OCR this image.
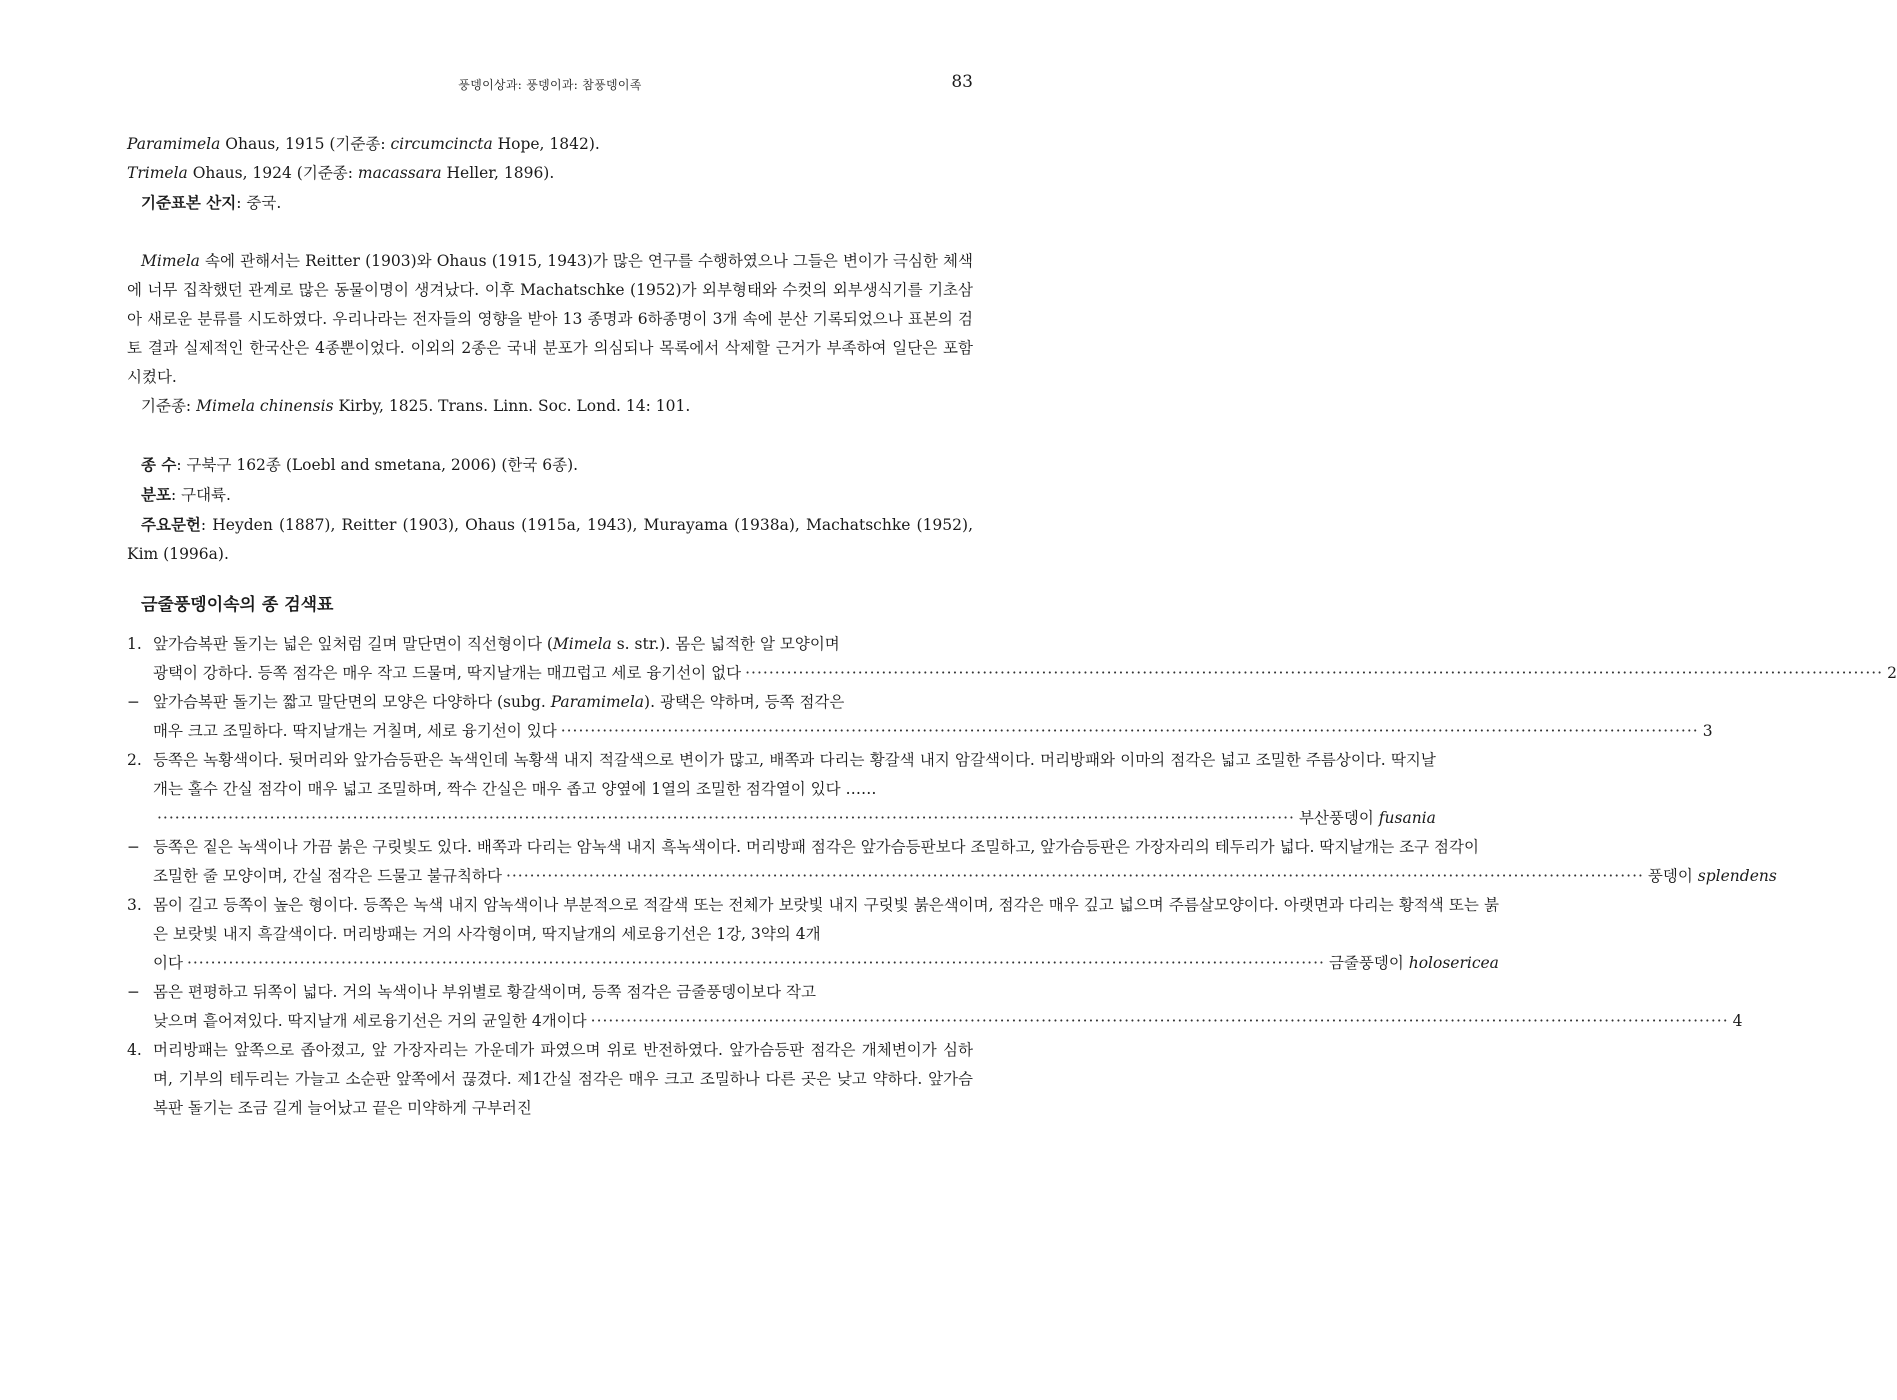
풍뎅이상과: 풍뎅이과: 참풍뎅이족	83

Paramimela Ohaus, 1915 (기준종: circumcincta Hope, 1842).

Trimela Ohaus, 1924 (기준종: macassara Heller, 1896).

기준표본 산지: 중국.

Mimela 속에 관해서는 Reitter (1903)와 Ohaus (1915, 1943)가 많은 연구를 수행하였으나 그들은 변이가 극심한 체색에 너무 집착했던 관계로 많은 동물이명이 생겨났다. 이후 Machatschke (1952)가 외부형태와 수컷의 외부생식기를 기초삼아 새로운 분류를 시도하였다. 우리나라는 전자들의 영향을 받아 13 종명과 6하종명이 3개 속에 분산 기록되었으나 표본의 검토 결과 실제적인 한국산은 4종뿐이었다. 이외의 2종은 국내 분포가 의심되나 목록에서 삭제할 근거가 부족하여 일단은 포함시켰다.

기준종: Mimela chinensis Kirby, 1825. Trans. Linn. Soc. Lond. 14: 101.

종 수: 구북구 162종 (Loebl and smetana, 2006) (한국 6종).

분포: 구대륙.

주요문헌: Heyden (1887), Reitter (1903), Ohaus (1915a, 1943), Murayama (1938a), Machatschke (1952), Kim (1996a).

금줄풍뎅이속의 종 검색표

1. 앞가슴복판 돌기는 넓은 잎처럼 길며 말단면이 직선형이다 (Mimela s. str.). 몸은 넓적한 알 모양이며
광택이 강하다. 등쪽 점각은 매우 작고 드물며, 딱지날개는 매끄럽고 세로 융기선이 없다 ·····	2
− 앞가슴복판 돌기는 짧고 말단면의 모양은 다양하다 (subg. Paramimela). 광택은 약하며, 등쪽 점각은
매우 크고 조밀하다. 딱지날개는 거칠며, 세로 융기선이 있다 ·····	3
2. 등쪽은 녹황색이다. 뒷머리와 앞가슴등판은 녹색인데 녹황색 내지 적갈색으로 변이가 많고, 배쪽과 다리는 황갈색 내지 암갈색이다. 머리방패와 이마의 점각은 넓고 조밀한 주름상이다. 딱지날개는 홀수 간실 점각이 매우 넓고 조밀하며, 짝수 간실은 매우 좁고 양옆에 1열의 조밀한 점각열이 있다 ……
·····
부산풍뎅이 fusania
− 등쪽은 짙은 녹색이나 가끔 붉은 구릿빛도 있다. 배쪽과 다리는 암녹색 내지 흑녹색이다. 머리방패 점각은 앞가슴등판보다 조밀하고, 앞가슴등판은 가장자리의 테두리가 넓다. 딱지날개는 조구 점각이
조밀한 줄 모양이며, 간실 점각은 드물고 불규칙하다 ·····	풍뎅이 splendens
3. 몸이 길고 등쪽이 높은 형이다. 등쪽은 녹색 내지 암녹색이나 부분적으로 적갈색 또는 전체가 보랏빛 내지 구릿빛 붉은색이며, 점각은 매우 깊고 넓으며 주름살모양이다. 아랫면과 다리는 황적색 또는 붉은 보랏빛 내지 흑갈색이다. 머리방패는 거의 사각형이며, 딱지날개의 세로융기선은 1강, 3약의 4개
이다 ·····	금줄풍뎅이 holosericea
− 몸은 편평하고 뒤쪽이 넓다. 거의 녹색이나 부위별로 황갈색이며, 등쪽 점각은 금줄풍뎅이보다 작고
낮으며 흩어져있다. 딱지날개 세로융기선은 거의 균일한 4개이다 ·····	4
4. 머리방패는 앞쪽으로 좁아졌고, 앞 가장자리는 가운데가 파였으며 위로 반전하였다. 앞가슴등판 점각은 개체변이가 심하며, 기부의 테두리는 가늘고 소순판 앞쪽에서 끊겼다. 제1간실 점각은 매우 크고 조밀하나 다른 곳은 낮고 약하다. 앞가슴복판 돌기는 조금 길게 늘어났고 끝은 미약하게 구부러진
